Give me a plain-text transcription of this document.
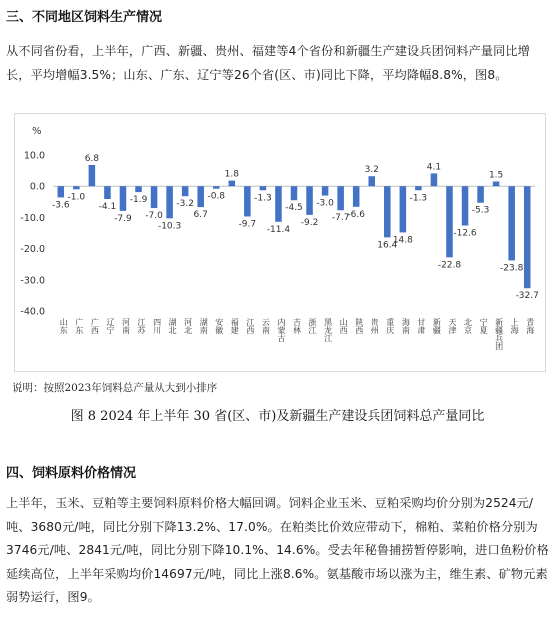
三、不同地区饲料生产情况
从不同省份看，上半年，广西、新疆、贵州、福建等4个省份和新疆生产建设兵团饲料产量同比增长，平均增幅3.5%；山东、广东、辽宁等26个省(区、市)同比下降，平均降幅8.8%，图8。
%
10.0
0.0
-10.0
-20.0
-30.0
-40.0
-3.6
山东
-1.0
广东
6.8
广西
-4.1
辽宁
-7.9
河南
-1.9
江苏
-7.0
四川
-10.3
湖北
-3.2
河北
6.7
湖南
-0.8
安徽
1.8
福建
-9.7
江西
-1.3
云南
-11.4
内蒙古
-4.5
吉林
-9.2
浙江
-3.0
黑龙江
-7.7
山西
-6.6
陕西
3.2
贵州
16.4
重庆
14.8
海南
-1.3
甘肃
4.1
新疆
-22.8
天津
-12.6
北京
-5.3
宁夏
1.5
新疆兵团
-23.8
上海
-32.7
青海
说明：按照2023年饲料总产量从大到小排序
图 8 2024 年上半年 30 省(区、市)及新疆生产建设兵团饲料总产量同比
四、饲料原料价格情况
上半年，玉米、豆粕等主要饲料原料价格大幅回调。饲料企业玉米、豆粕采购均价分别为2524元/吨、3680元/吨，同比分别下降13.2%、17.0%。在粕类比价效应带动下，棉粕、菜粕价格分别为3746元/吨、2841元/吨，同比分别下降10.1%、14.6%。受去年秘鲁捕捞暂停影响，进口鱼粉价格延续高位，上半年采购均价14697元/吨，同比上涨8.6%。氨基酸市场以涨为主，维生素、矿物元素弱势运行，图9。
